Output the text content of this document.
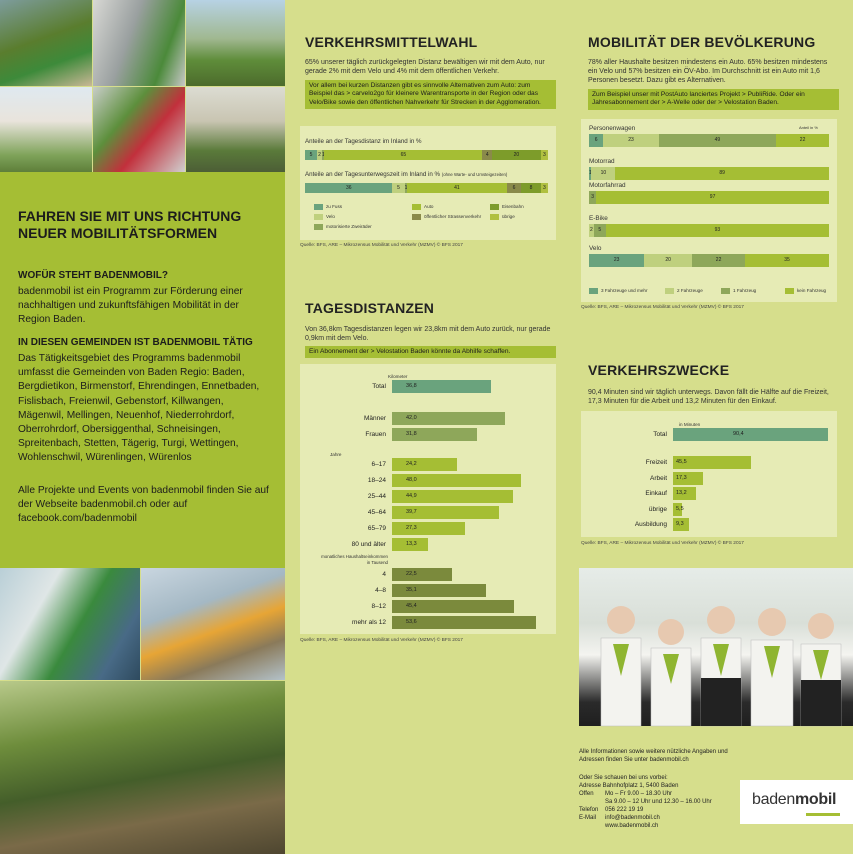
FAHREN SIE MIT UNS RICHTUNG NEUER MOBILITÄTSFORMEN
WOFÜR STEHT BADENMOBIL?
badenmobil ist ein Programm zur Förderung einer nachhaltigen und zukunftsfähigen Mobilität in der Region Baden.
IN DIESEN GEMEINDEN IST BADENMOBIL TÄTIG
Das Tätigkeitsgebiet des Programms badenmobil umfasst die Gemeinden von Baden Regio: Baden, Bergdietikon, Birmenstorf, Ehrendingen, Ennetbaden, Fislisbach, Freienwil, Gebenstorf, Killwangen, Mägenwil, Mellingen, Neuenhof, Niederrohrdorf, Oberrohrdorf, Obersiggenthal, Schneisingen, Spreitenbach, Stetten, Tägerig, Turgi, Wettingen, Wohlenschwil, Würenlingen, Würenlos
Alle Projekte und Events von badenmobil finden Sie auf der Webseite badenmobil.ch oder auf facebook.com/badenmobil
VERKEHRSMITTELWAHL
65% unserer täglich zurückgelegten Distanz bewältigen wir mit dem Auto, nur gerade 2% mit dem Velo und 4% mit dem öffentlichen Verkehr.
Vor allem bei kurzen Distanzen gibt es sinnvolle Alternativen zum Auto: zum Beispiel das > carvelo2go für kleinere Warentransporte in der Region oder das Velo/Bike sowie den öffentlichen Nahverkehr für Strecken in der Agglomeration.
Anteile an der Tagesdistanz im Inland in %
5	2 1	65	4	20	3
Anteile an der Tagesunterwegszeit im Inland in % (ohne Warte- und Umsteigezeiten)
36	5 1	41	6	8	3
zu Fuss
Velo
motorisierte Zweiräder
Auto
öffentlicher Strassenverkehr
Eisenbahn
übrige
Quelle: BFS, ARE – Mikrozensus Mobilität und Verkehr (MZMV) © BFS 2017
TAGESDISTANZEN
Von 36,8km Tagesdistanzen legen wir 23,8km mit dem Auto zurück, nur gerade 0,9km mit dem Velo.
Ein Abonnement der > Velostation Baden könnte da Abhilfe schaffen.
Kilometer
Jahre
monatliches Haushaltseinkommen in Tausend
Total	36,8
Männer	42,0
Frauen	31,8
6–17	24,2
18–24	48,0
25–44	44,9
45–64	39,7
65–79	27,3
80 und älter	13,3
4	22,5
4–8	35,1
8–12	45,4
mehr als 12	53,6
Quelle: BFS, ARE – Mikrozensus Mobilität und Verkehr (MZMV) © BFS 2017
MOBILITÄT DER BEVÖLKERUNG
78% aller Haushalte besitzen mindestens ein Auto. 65% besitzen mindestens ein Velo und 57% besitzen ein ÖV-Abo. Im Durchschnitt ist ein Auto mit 1,6 Personen besetzt. Dazu gibt es Alternativen.
Zum Beispiel unser mit PostAuto lanciertes Projekt > PubliRide. Oder ein Jahresabonnement der > A-Welle oder der > Velostation Baden.
Anteil in %
Personenwagen
6	23	49	22
Motorrad
1	10	89
Motorfahrrad
3	97
E-Bike
2	5	93
Velo
23	20	22	35
3 Fahrzeuge und mehr	2 Fahrzeuge	1 Fahrzeug	kein Fahrzeug
Quelle: BFS, ARE – Mikrozensus Mobilität und Verkehr (MZMV) © BFS 2017
VERKEHRSZWECKE
90,4 Minuten sind wir täglich unterwegs. Davon fällt die Hälfte auf die Freizeit, 17,3 Minuten für die Arbeit und 13,2 Minuten für den Einkauf.
in Minuten
Total	90,4
Freizeit 45,5
Arbeit 17,3
Einkauf 13,2
übrige 5,5
Ausbildung 9,3
Quelle: BFS, ARE – Mikrozensus Mobilität und Verkehr (MZMV) © BFS 2017
Alle Informationen sowie weitere nützliche Angaben und Adressen finden Sie unter badenmobil.ch
Oder Sie schauen bei uns vorbei:
Adresse Bahnhofplatz 1, 5400 Baden
Offen Mo – Fr 9.00 – 18.30 Uhr
Sa 9.00 – 12 Uhr und 12.30 – 16.00 Uhr
Telefon 056 222 19 19
E-Mail info@badenmobil.ch
www.badenmobil.ch
badenmobil
